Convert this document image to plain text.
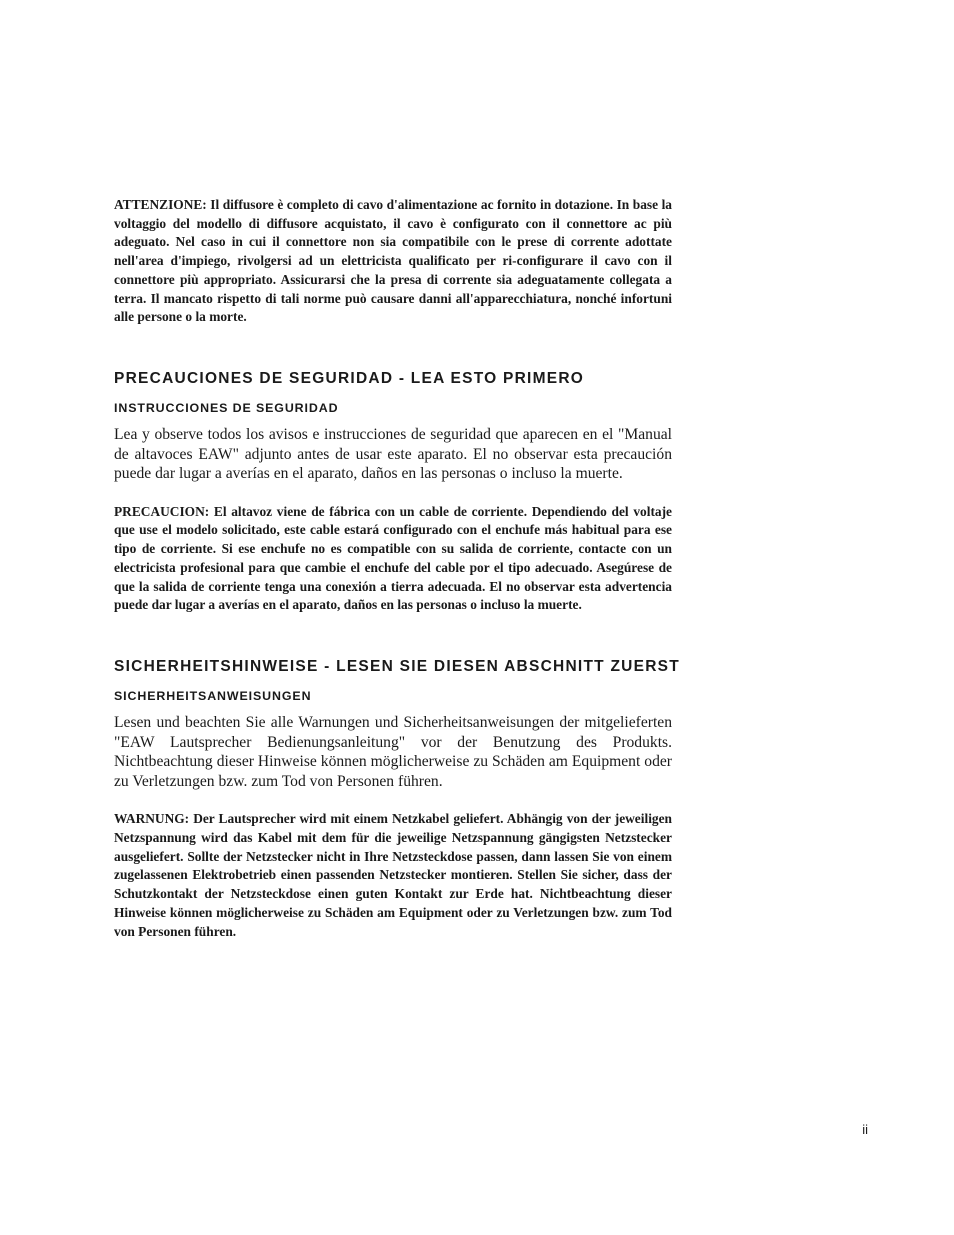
ATTENZIONE: Il diffusore è completo di cavo d'alimentazione ac fornito in dotazione. In base la voltaggio del modello di diffusore acquistato, il cavo è configurato con il connettore ac più adeguato. Nel caso in cui il connettore non sia compatibile con le prese di corrente adottate nell'area d'impiego, rivolgersi ad un elettricista qualificato per ri-configurare il cavo con il connettore più appropriato. Assicurarsi che la presa di corrente sia adeguatamente collegata a terra. Il mancato rispetto di tali norme può causare danni all'apparecchiatura, nonché infortuni alle persone o la morte.

PRECAUCIONES DE SEGURIDAD - LEA ESTO PRIMERO
INSTRUCCIONES DE SEGURIDAD

Lea y observe todos los avisos e instrucciones de seguridad que aparecen en el "Manual de altavoces EAW" adjunto antes de usar este aparato. El no observar esta precaución puede dar lugar a averías en el aparato, daños en las personas o incluso la muerte.

PRECAUCION: El altavoz viene de fábrica con un cable de corriente. Dependiendo del voltaje que use el modelo solicitado, este cable estará configurado con el enchufe más habitual para ese tipo de corriente. Si ese enchufe no es compatible con su salida de corriente, contacte con un electricista profesional para que cambie el enchufe del cable por el tipo adecuado. Asegúrese de que la salida de corriente tenga una conexión a tierra adecuada. El no observar esta advertencia puede dar lugar a averías en el aparato, daños en las personas o incluso la muerte.

SICHERHEITSHINWEISE - LESEN SIE DIESEN ABSCHNITT ZUERST
SICHERHEITSANWEISUNGEN

Lesen und beachten Sie alle Warnungen und Sicherheitsanweisungen der mitgelieferten "EAW Lautsprecher Bedienungsanleitung" vor der Benutzung des Produkts. Nichtbeachtung dieser Hinweise können möglicherweise zu Schäden am Equipment oder zu Verletzungen bzw. zum Tod von Personen führen.

WARNUNG: Der Lautsprecher wird mit einem Netzkabel geliefert. Abhängig von der jeweiligen Netzspannung wird das Kabel mit dem für die jeweilige Netzspannung gängigsten Netzstecker ausgeliefert. Sollte der Netzstecker nicht in Ihre Netzsteckdose passen, dann lassen Sie von einem zugelassenen Elektrobetrieb einen passenden Netzstecker montieren. Stellen Sie sicher, dass der Schutzkontakt der Netzsteckdose einen guten Kontakt zur Erde hat. Nichtbeachtung dieser Hinweise können möglicherweise zu Schäden am Equipment oder zu Verletzungen bzw. zum Tod von Personen führen.

ii
